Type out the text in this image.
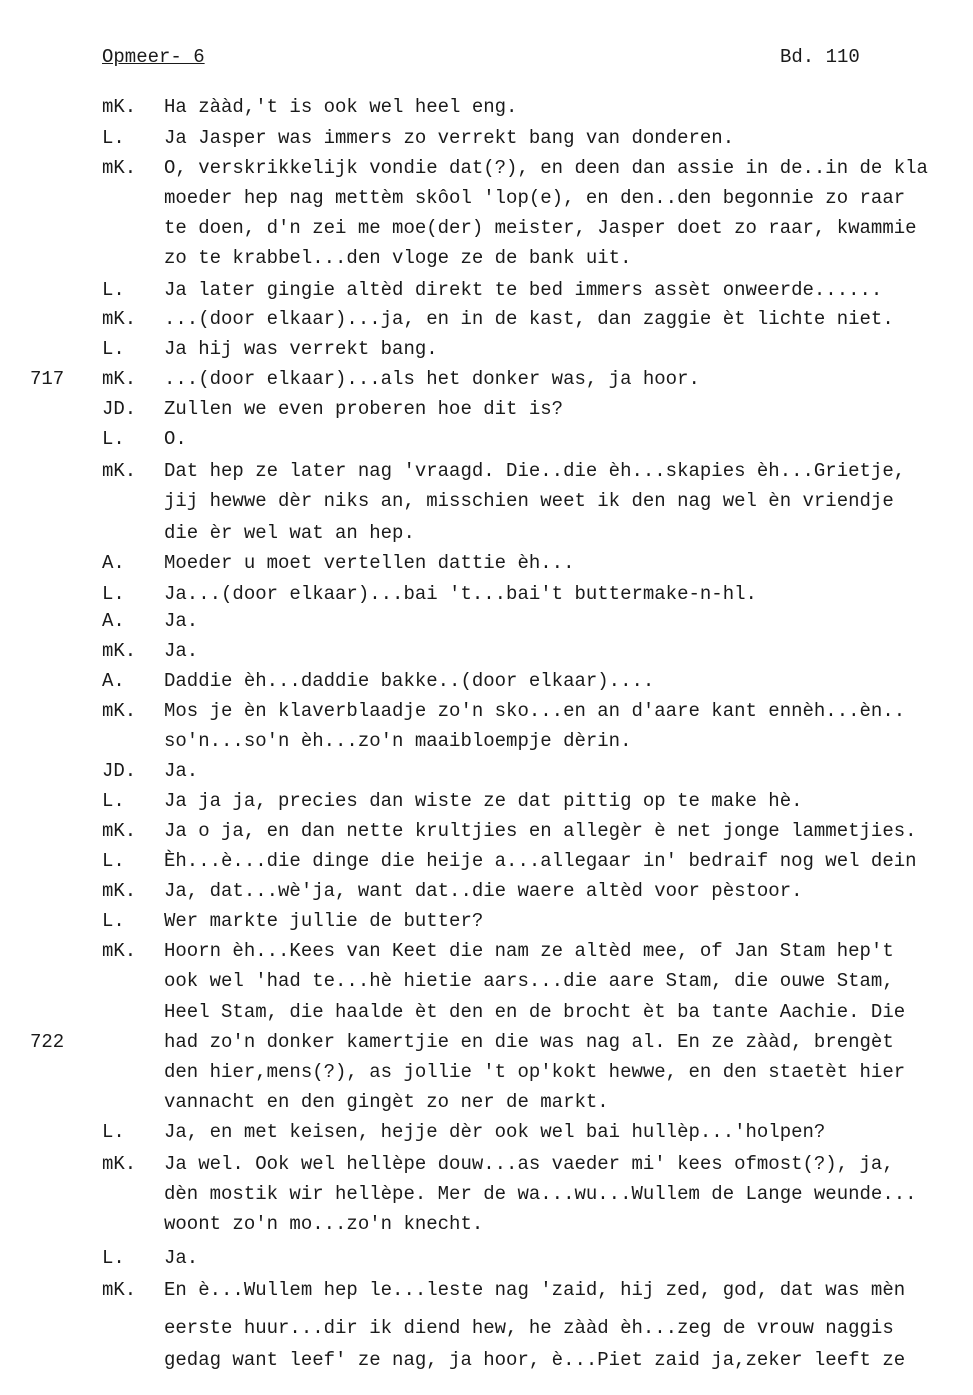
Opmeer- 6	Bd. 110
mK.	Ha zààd,'t is ook wel heel eng.
L.	Ja Jasper was immers zo verrekt bang van donderen.
mK.	O, verskrikkelijk vondie dat(?), en deen dan assie in de..in de kla
moeder hep nag mettèm skôol 'lop(e), en den..den begonnie zo raar
te doen, d'n zei me moe(der) meister, Jasper doet zo raar, kwammie
zo te krabbel...den vloge ze de bank uit.
L.	Ja later gingie altèd direkt te bed immers assèt onweerde......
mK.	...(door elkaar)...ja, en in de kast, dan zaggie èt lichte niet.
L.	Ja hij was verrekt bang.
717	mK.	...(door elkaar)...als het donker was, ja hoor.
JD.	Zullen we even proberen hoe dit is?
L.	O.
mK.	Dat hep ze later nag 'vraagd. Die..die èh...skapies èh...Grietje,
jij hewwe dèr niks an, misschien weet ik den nag wel èn vriendje
die èr wel wat an hep.
A.	Moeder u moet vertellen dattie èh...
L.	Ja...(door elkaar)...bai 't...bai't buttermake-n-hl.
A.	Ja.
mK.	Ja.
A.	Daddie èh...daddie bakke..(door elkaar)....
mK.	Mos je èn klaverblaadje zo'n sko...en an d'aare kant ennèh...èn..
so'n...so'n èh...zo'n maaibloempje dèrin.
JD.	Ja.
L.	Ja ja ja, precies dan wiste ze dat pittig op te make hè.
mK.	Ja o ja, en dan nette krultjies en allegèr è net jonge lammetjies.
L.	Èh...è...die dinge die heije a...allegaar in' bedraif nog wel dein
mK.	Ja, dat...wè'ja, want dat..die waere altèd voor pèstoor.
L.	Wer markte jullie de butter?
mK.	Hoorn èh...Kees van Keet die nam ze altèd mee, of Jan Stam hep't
ook wel 'had te...hè hietie aars...die aare Stam, die ouwe Stam,
Heel Stam, die haalde èt den en de brocht èt ba tante Aachie. Die
722	had zo'n donker kamertjie en die was nag al. En ze zààd, brengèt
den hier,mens(?), as jollie 't op'kokt hewwe, en den staetèt hier
vannacht en den gingèt zo ner de markt.
L.	Ja, en met keisen, hejje dèr ook wel bai hullèp...'holpen?
mK.	Ja wel. Ook wel hellèpe douw...as vaeder mi' kees ofmost(?), ja,
dèn mostik wir hellèpe. Mer de wa...wu...Wullem de Lange weunde...
woont zo'n mo...zo'n knecht.
L.	Ja.
mK.	En è...Wullem hep le...leste nag 'zaid, hij zed, god, dat was mèn
eerste huur...dir ik diend hew, he zààd èh...zeg de vrouw naggis
gedag want leef' ze nag, ja hoor, è...Piet zaid ja,zeker leeft ze
